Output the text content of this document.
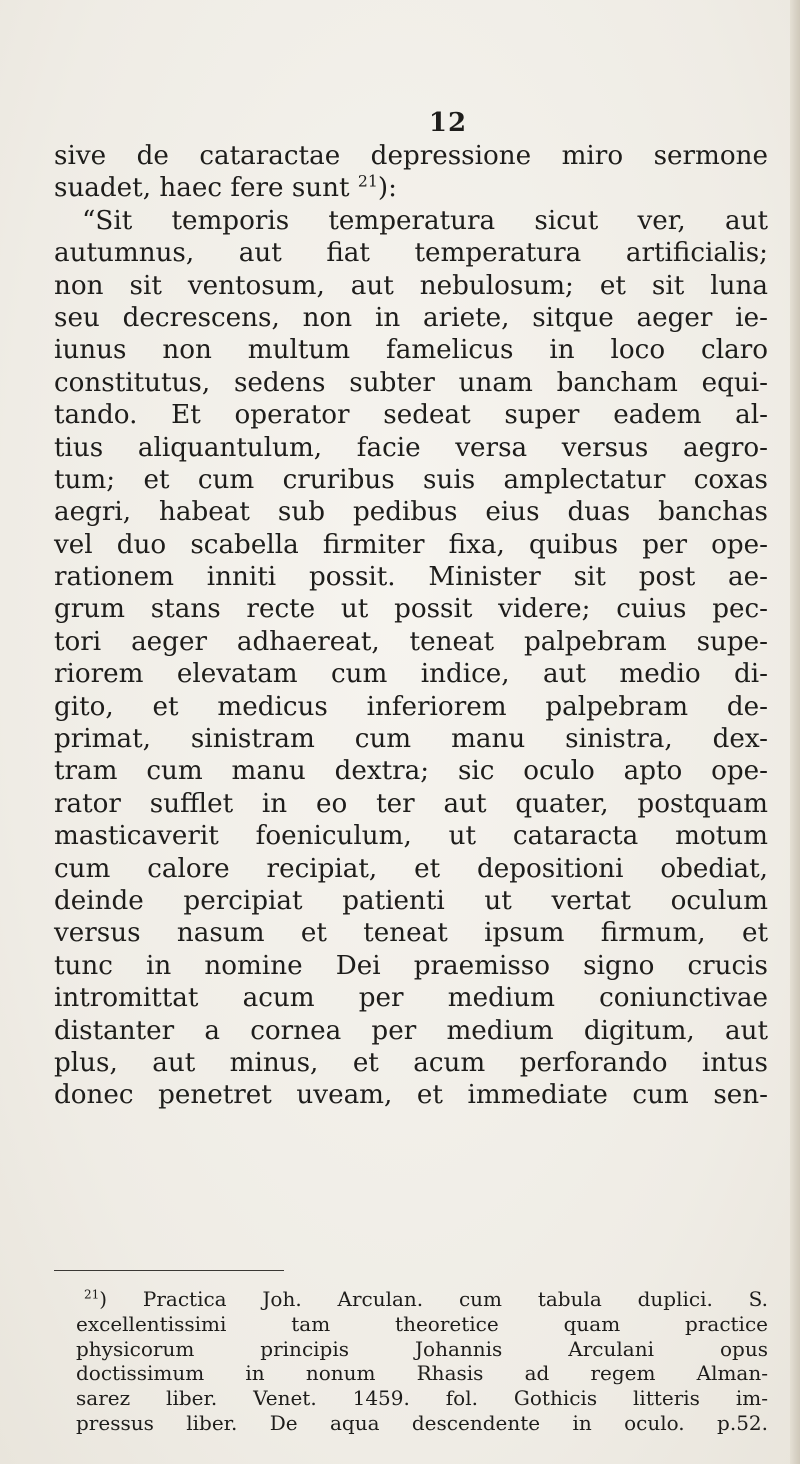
12
sive de cataractae depressione miro sermone
suadet, haec fere sunt $^{21}$):
“Sit temporis temperatura sicut ver, aut
autumnus, aut fiat temperatura artificialis;
non sit ventosum, aut nebulosum; et sit luna
seu decrescens, non in ariete, sitque aeger ie-
iunus non multum famelicus in loco claro
constitutus, sedens subter unam bancham equi-
tando. Et operator sedeat super eadem al-
tius aliquantulum, facie versa versus aegro-
tum; et cum cruribus suis amplectatur coxas
aegri, habeat sub pedibus eius duas banchas
vel duo scabella firmiter fixa, quibus per ope-
rationem inniti possit. Minister sit post ae-
grum stans recte ut possit videre; cuius pec-
tori aeger adhaereat, teneat palpebram supe-
riorem elevatam cum indice, aut medio di-
gito, et medicus inferiorem palpebram de-
primat, sinistram cum manu sinistra, dex-
tram cum manu dextra; sic oculo apto ope-
rator sufflet in eo ter aut quater, postquam
masticaverit foeniculum, ut cataracta motum
cum calore recipiat, et depositioni obediat,
deinde percipiat patienti ut vertat oculum
versus nasum et teneat ipsum firmum, et
tunc in nomine Dei praemisso signo crucis
intromittat acum per medium coniunctivae
distanter a cornea per medium digitum, aut
plus, aut minus, et acum perforando intus
donec penetret uveam, et immediate cum sen-
$^{21}$) Practica Joh. Arculan. cum tabula duplici. S.
excellentissimi tam theoretice quam practice
physicorum principis Johannis Arculani opus
doctissimum in nonum Rhasis ad regem Alman-
sarez liber. Venet. 1459. fol. Gothicis litteris im-
pressus liber. De aqua descendente in oculo. p.52.
